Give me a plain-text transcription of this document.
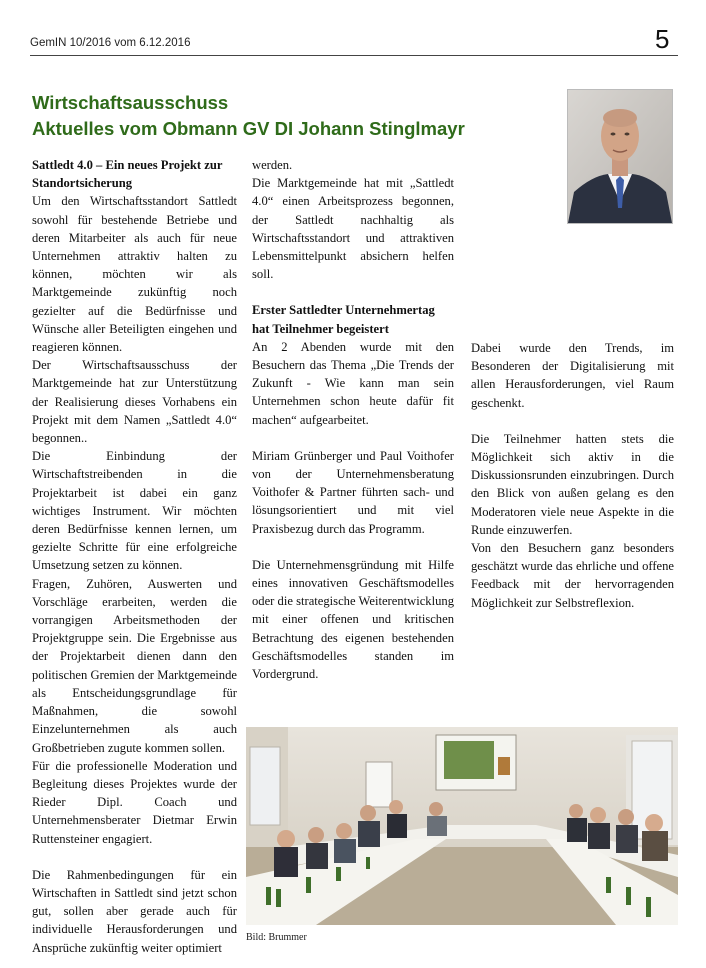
GemIN 10/2016 vom 6.12.2016	5
Wirtschaftsausschuss
Aktuelles vom Obmann GV DI Johann Stinglmayr

Sattledt 4.0 – Ein neues Projekt zur Standortsicherung

Um den Wirtschaftsstandort Sattledt sowohl für bestehende Betriebe und deren Mitarbeiter als auch für neue Unternehmen attraktiv halten zu können, möchten wir als Marktgemeinde zukünftig noch gezielter auf die Bedürfnisse und Wünsche aller Beteiligten eingehen und reagieren können.

Der Wirtschaftsausschuss der Marktgemeinde hat zur Unterstützung der Realisierung dieses Vorhabens ein Projekt mit dem Namen „Sattledt 4.0“ begonnen..

Die Einbindung der Wirtschaftstreibenden in die Projektarbeit ist dabei ein ganz wichtiges Instrument. Wir möchten deren Bedürfnisse kennen lernen, um gezielte Schritte für eine erfolgreiche Umsetzung setzen zu können.

Fragen, Zuhören, Auswerten und Vorschläge erarbeiten, werden die vorrangigen Arbeitsmethoden der Projektgruppe sein. Die Ergebnisse aus der Projektarbeit dienen dann den politischen Gremien der Marktgemeinde als Entscheidungsgrundlage für Maßnahmen, die sowohl Einzelunternehmen als auch Großbetrieben zugute kommen sollen.

Für die professionelle Moderation und Begleitung dieses Projektes wurde der Rieder Dipl. Coach und Unternehmensberater Dietmar Erwin Ruttensteiner engagiert.

Die Rahmenbedingungen für ein Wirtschaften in Sattledt sind jetzt schon gut, sollen aber gerade auch für individuelle Herausforderungen und Ansprüche zukünftig weiter optimiert

werden.

Die Marktgemeinde hat mit „Sattledt 4.0“ einen Arbeitsprozess begonnen, der Sattledt nachhaltig als Wirtschaftsstandort und attraktiven Lebensmittelpunkt absichern helfen soll.

Erster Sattledter Unternehmertag hat Teilnehmer begeistert

An 2 Abenden wurde mit den Besuchern das Thema „Die Trends der Zukunft - Wie kann man sein Unternehmen schon heute dafür fit machen“ aufgearbeitet.

Miriam Grünberger und Paul Voithofer von der Unternehmensberatung Voithofer & Partner führten sach- und lösungsorientiert und mit viel Praxisbezug durch das Programm.

Die Unternehmensgründung mit Hilfe eines innovativen Geschäftsmodelles oder die strategische Weiterentwicklung mit einer offenen und kritischen Betrachtung des eigenen bestehenden Geschäftsmodelles standen im Vordergrund.

Dabei wurde den Trends, im Besonderen der Digitalisierung mit allen Herausforderungen, viel Raum geschenkt.

Die Teilnehmer hatten stets die Möglichkeit sich aktiv in die Diskussionsrunden einzubringen. Durch den Blick von außen gelang es den Moderatoren viele neue Aspekte in die Runde einzuwerfen.

Von den Besuchern ganz besonders geschätzt wurde das ehrliche und offene Feedback mit der hervorragenden Möglichkeit zur Selbstreflexion.

Bild: Brummer
